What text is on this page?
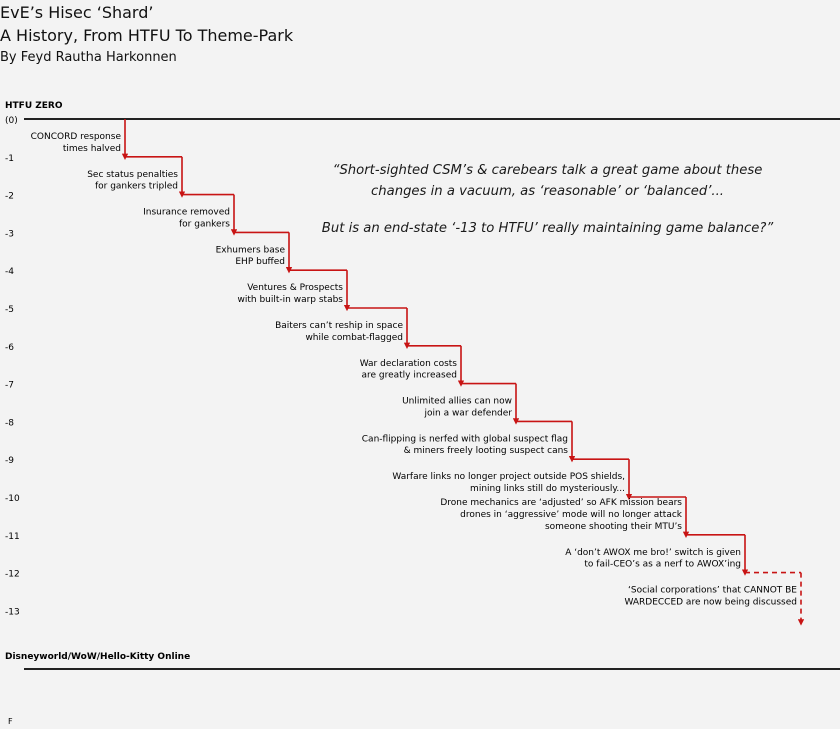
EvE’s Hisec ‘Shard’
A History, From HTFU To Theme-Park
By Feyd Rautha Harkonnen
HTFU ZERO
Disneyworld/WoW/Hello-Kitty Online
F
(0)
-1
-2
-3
-4
-5
-6
-7
-8
-9
-10
-11
-12
-13
CONCORD response
times halved
Sec status penalties
for gankers tripled
Insurance removed
for gankers
Exhumers base
EHP buffed
Ventures & Prospects
with built-in warp stabs
Baiters can’t reship in space
while combat-flagged
War declaration costs
are greatly increased
Unlimited allies can now
join a war defender
Can-flipping is nerfed with global suspect flag
& miners freely looting suspect cans
Warfare links no longer project outside POS shields,
mining links still do mysteriously...
Drone mechanics are ‘adjusted’ so AFK mission bears
drones in ‘aggressive’ mode will no longer attack
someone shooting their MTU’s
A ‘don’t AWOX me bro!’ switch is given
to fail-CEO’s as a nerf to AWOX’ing
‘Social corporations’ that CANNOT BE
WARDECCED are now being discussed

“Short-sighted CSM’s & carebears talk a great game about these

changes in a vacuum, as ‘reasonable’ or ‘balanced’...

But is an end-state ‘-13 to HTFU’ really maintaining game balance?”
